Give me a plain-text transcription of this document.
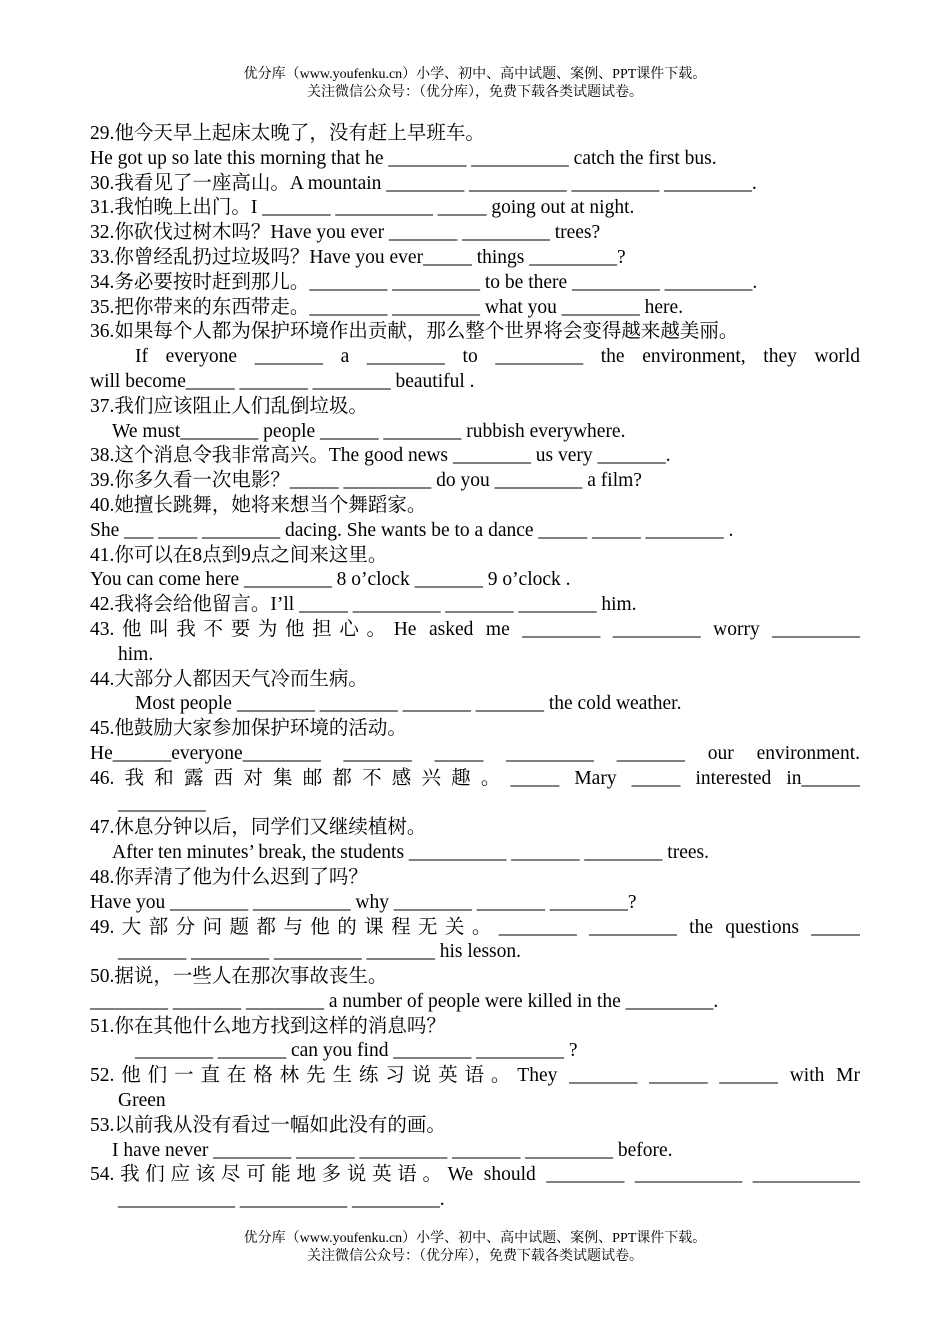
优分库（www.youfenku.cn）小学、初中、高中试题、案例、PPT课件下载。
关注微信公众号：（优分库），免费下载各类试题试卷。
29.他今天早上起床太晚了，没有赶上早班车。
He got up so late this morning that he ________ __________ catch the first bus.
30.我看见了一座高山。A mountain ________ __________ _________ _________.
31.我怕晚上出门。I _______ __________ _____ going out at night.
32.你砍伐过树木吗？Have you ever _______ _________ trees?
33.你曾经乱扔过垃圾吗？Have you ever_____ things _________?
34.务必要按时赶到那儿。________ _________ to be there _________ _________.
35.把你带来的东西带走。________ _________ what you ________ here.
36.如果每个人都为保护环境作出贡献，那么整个世界将会变得越来越美丽。
If everyone _______ a ________ to _________ the environment, they world
will become_____ _______ ________ beautiful .
37.我们应该阻止人们乱倒垃圾。
We must________ people ______ ________ rubbish everywhere.
38.这个消息令我非常高兴。The good news ________ us very _______.
39.你多久看一次电影？_____ _________ do you _________ a film?
40.她擅长跳舞，她将来想当个舞蹈家。
She ___ ____ ________ dacing. She wants be to a dance _____ _____ ________ .
41.你可以在8点到9点之间来这里。
You can come here _________ 8 o’clock _______ 9 o’clock .
42.我将会给他留言。I’ll _____ _________ _______ ________ him.
43.他叫我不要为他担心。He asked me ________ _________ worry _________
him.
44.大部分人都因天气冷而生病。
Most people ________ ________ _______ _______ the cold weather.
45.他鼓励大家参加保护环境的活动。
He______everyone________ _______ _____ _________ _______ our environment.
46.我和露西对集邮都不感兴趣。_____ Mary _____ interested in______
_________
47.休息分钟以后，同学们又继续植树。
After ten minutes’ break, the students __________ _______ ________ trees.
48.你弄清了他为什么迟到了吗？
Have you ________ __________ why ________ _______ ________?
49.大部分问题都与他的课程无关。________ _________ the questions _____
_______ ________ _________ _______ his lesson.
50.据说，一些人在那次事故丧生。
________ _______ ________ a number of people were killed in the _________.
51.你在其他什么地方找到这样的消息吗？
________ _______ can you find ________ _________ ?
52.他们一直在格林先生练习说英语。They _______ ______ ______ with Mr
Green
53.以前我从没有看过一幅如此没有的画。
I have never ________ ______ _________ _______ _________ before.
54.我们应该尽可能地多说英语。We should ________ ___________ ___________
____________ ___________ _________.
优分库（www.youfenku.cn）小学、初中、高中试题、案例、PPT课件下载。
关注微信公众号：（优分库），免费下载各类试题试卷。
